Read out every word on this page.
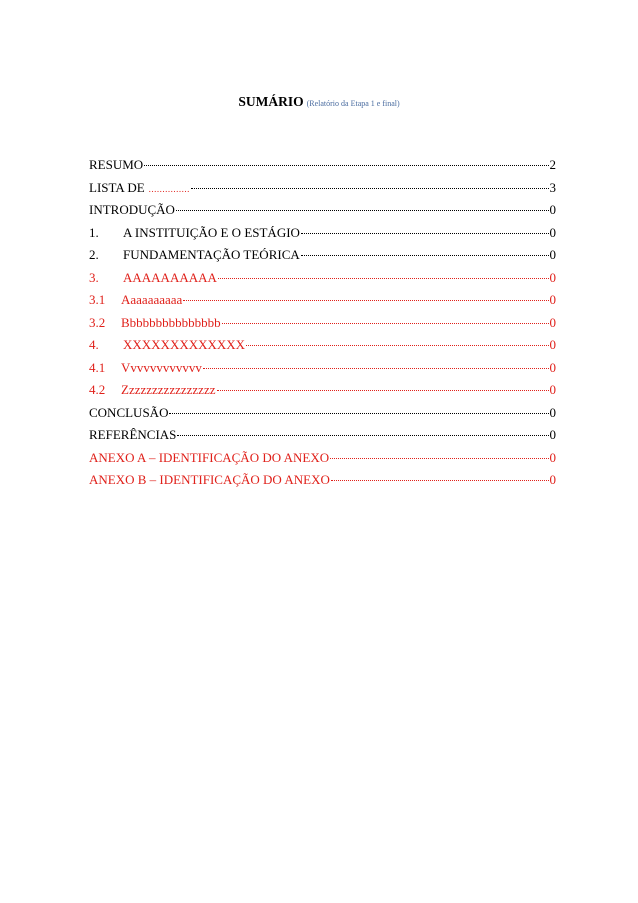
SUMÁRIO (Relatório da Etapa 1 e final)
RESUMO	2
LISTA DE ...............	3
INTRODUÇÃO	0
1.	A INSTITUIÇÃO E O ESTÁGIO	0
2.	FUNDAMENTAÇÃO TEÓRICA	0
3.	AAAAAAAAAA	0
3.1	Aaaaaaaaaa	0
3.2	Bbbbbbbbbbbbbbb	0
4.	XXXXXXXXXXXXX	0
4.1	Vvvvvvvvvvvv	0
4.2	Zzzzzzzzzzzzzzzz	0
CONCLUSÃO	0
REFERÊNCIAS	0
ANEXO A – IDENTIFICAÇÃO DO ANEXO	0
ANEXO B – IDENTIFICAÇÃO DO ANEXO	0
